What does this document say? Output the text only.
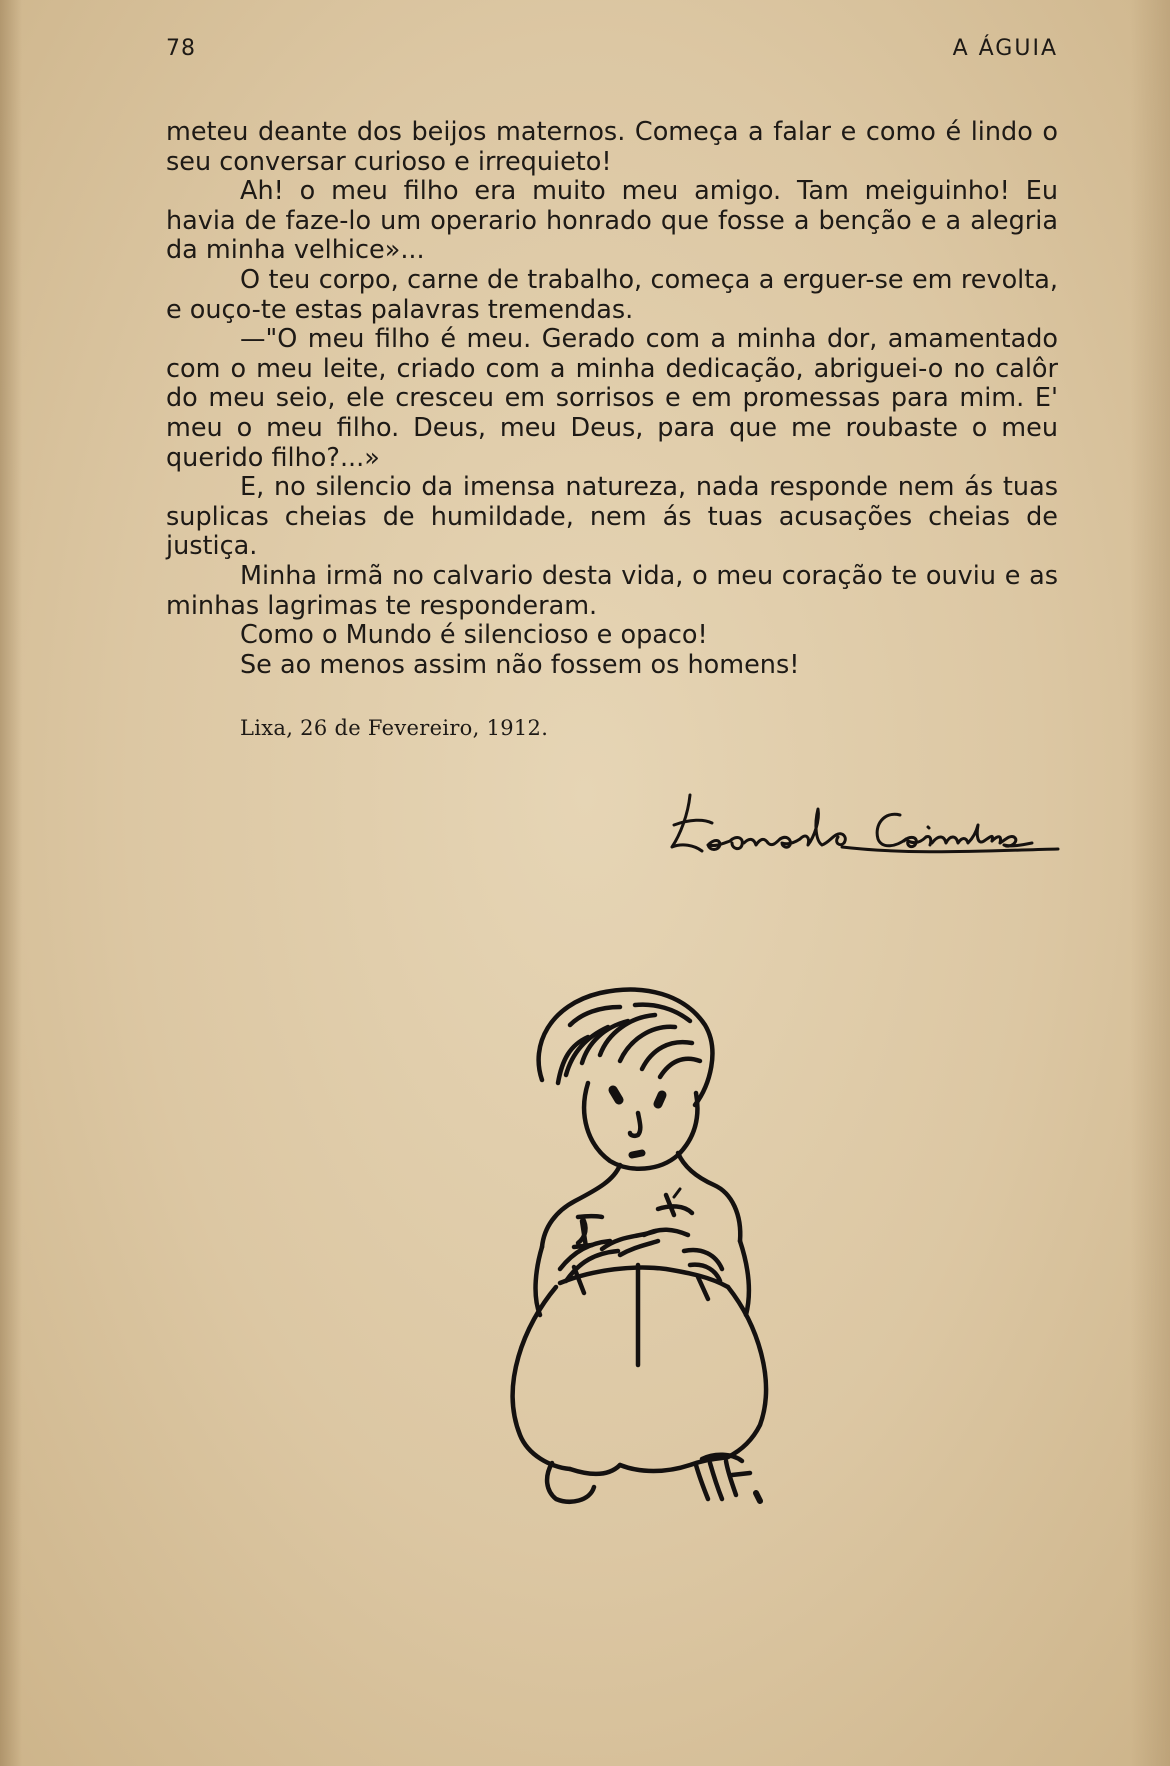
78	A ÁGUIA

meteu deante dos beijos maternos. Começa a falar e como é lindo o seu conversar curioso e irrequieto!

Ah! o meu filho era muito meu amigo. Tam meiguinho! Eu havia de faze-lo um operario honrado que fosse a benção e a alegria da minha velhice»...

O teu corpo, carne de trabalho, começa a erguer-se em revolta, e ouço-te estas palavras tremendas.

—"O meu filho é meu. Gerado com a minha dor, amamentado com o meu leite, criado com a minha dedicação, abriguei-o no calôr do meu seio, ele cresceu em sorrisos e em promessas para mim. E' meu o meu filho. Deus, meu Deus, para que me roubaste o meu querido filho?...»

E, no silencio da imensa natureza, nada responde nem ás tuas suplicas cheias de humildade, nem ás tuas acusações cheias de justiça.

Minha irmã no calvario desta vida, o meu coração te ouviu e as minhas lagrimas te responderam.

Como o Mundo é silencioso e opaco!

Se ao menos assim não fossem os homens!

Lixa, 26 de Fevereiro, 1912.
